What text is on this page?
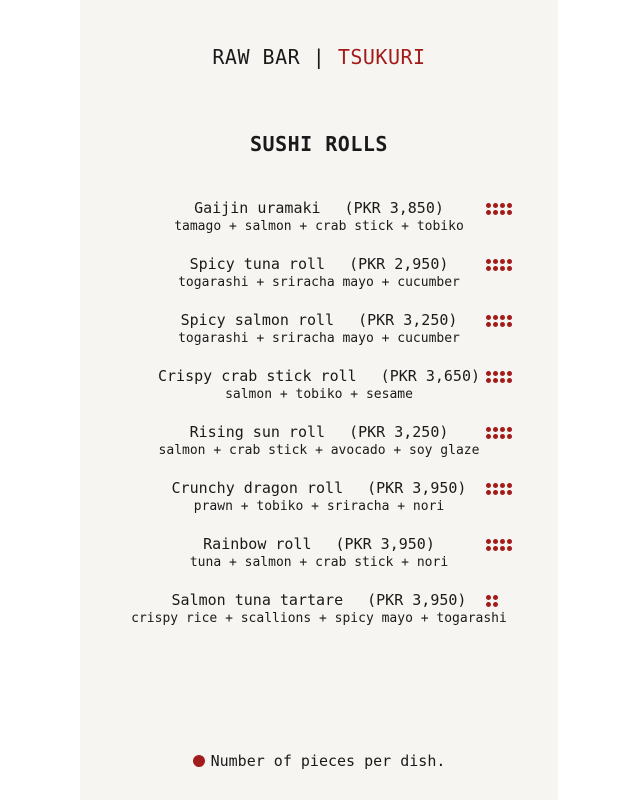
RAW BAR | TSUKURI
SUSHI ROLLS
Gaijin uramaki (PKR 3,850)
tamago + salmon + crab stick + tobiko
Spicy tuna roll (PKR 2,950)
togarashi + sriracha mayo + cucumber
Spicy salmon roll (PKR 3,250)
togarashi + sriracha mayo + cucumber
Crispy crab stick roll (PKR 3,650)
salmon + tobiko + sesame
Rising sun roll (PKR 3,250)
salmon + crab stick + avocado + soy glaze
Crunchy dragon roll (PKR 3,950)
prawn + tobiko + sriracha + nori
Rainbow roll (PKR 3,950)
tuna + salmon + crab stick + nori
Salmon tuna tartare (PKR 3,950)
crispy rice + scallions + spicy mayo + togarashi
Number of pieces per dish.
